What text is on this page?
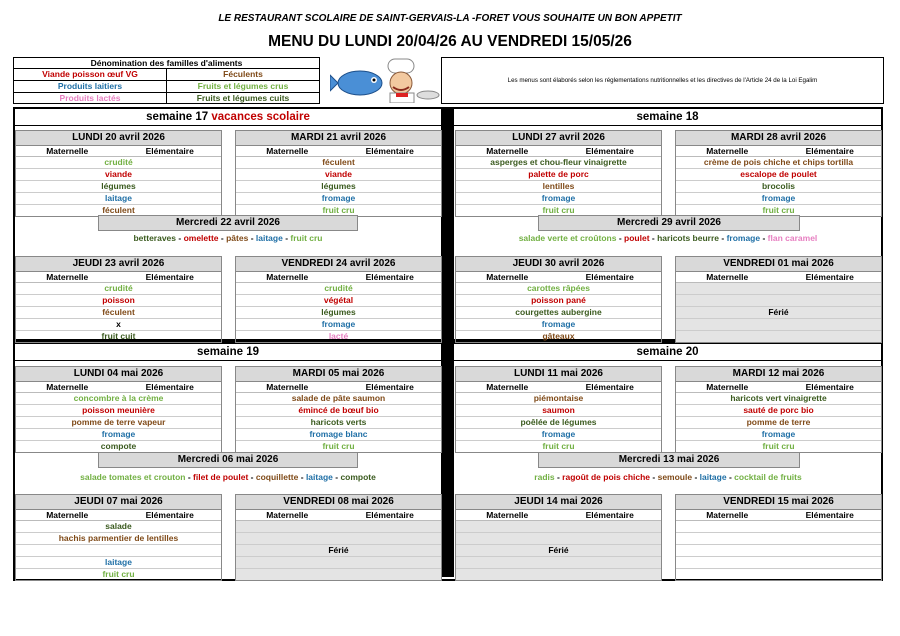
LE RESTAURANT SCOLAIRE DE SAINT-GERVAIS-LA -FORET VOUS SOUHAITE UN BON APPETIT
MENU DU LUNDI 20/04/26 AU VENDREDI 15/05/26
Dénomination des familles d'aliments
Viande poisson œuf VG	Féculents
Produits laitiers	Fruits et légumes crus
Produits lactés	Fruits et légumes cuits
Les menus sont élaborés selon les réglementations nutritionnelles et les directives de l'Article 24 de la Loi Egalim
semaine 17 vacances scolaire	semaine 18
semaine 19	semaine 20
LUNDI 20 avril 2026
Maternelle	Elémentaire
crudité
viande
légumes
laitage
féculent
MARDI 21 avril 2026
Maternelle	Elémentaire
féculent
viande
légumes
fromage
fruit cru
LUNDI 27 avril 2026
Maternelle	Elémentaire
asperges et chou-fleur vinaigrette
palette de porc
lentilles
fromage
fruit cru
MARDI 28 avril 2026
Maternelle	Elémentaire
crème de pois chiche et chips tortilla
escalope de poulet
brocolis
fromage
fruit cru
JEUDI 23 avril 2026
Maternelle	Elémentaire
crudité
poisson
féculent
x
fruit cuit
VENDREDI 24 avril 2026
Maternelle	Elémentaire
crudité
végétal
légumes
fromage
lacté
JEUDI 30 avril 2026
Maternelle	Elémentaire
carottes râpées
poisson pané
courgettes aubergine
fromage
gâteaux
VENDREDI 01 mai 2026
Maternelle	Elémentaire
Férié
LUNDI 04 mai 2026
Maternelle	Elémentaire
concombre à la crème
poisson meunière
pomme de terre vapeur
fromage
compote
MARDI 05 mai 2026
Maternelle	Elémentaire
salade de pâte saumon
émincé de bœuf bio
haricots verts
fromage blanc
fruit cru
LUNDI 11 mai 2026
Maternelle	Elémentaire
piémontaise
saumon
poêlée de légumes
fromage
fruit cru
MARDI 12 mai 2026
Maternelle	Elémentaire
haricots vert vinaigrette
sauté de porc bio
pomme de terre
fromage
fruit cru
JEUDI 07 mai 2026
Maternelle	Elémentaire
salade
hachis parmentier de lentilles
laitage
fruit cru
VENDREDI 08 mai 2026
Maternelle	Elémentaire
Férié
JEUDI 14 mai 2026
Maternelle	Elémentaire
Férié
VENDREDI 15 mai 2026
Maternelle	Elémentaire
Mercredi 22 avril 2026
betteraves - omelette - pâtes - laitage - fruit cru
Mercredi 29 avril 2026
salade verte et croûtons - poulet - haricots beurre - fromage - flan caramel
Mercredi 06 mai 2026
salade tomates et crouton - filet de poulet - coquillette - laitage - compote
Mercredi 13 mai 2026
radis - ragoût de pois chiche - semoule - laitage - cocktail de fruits
